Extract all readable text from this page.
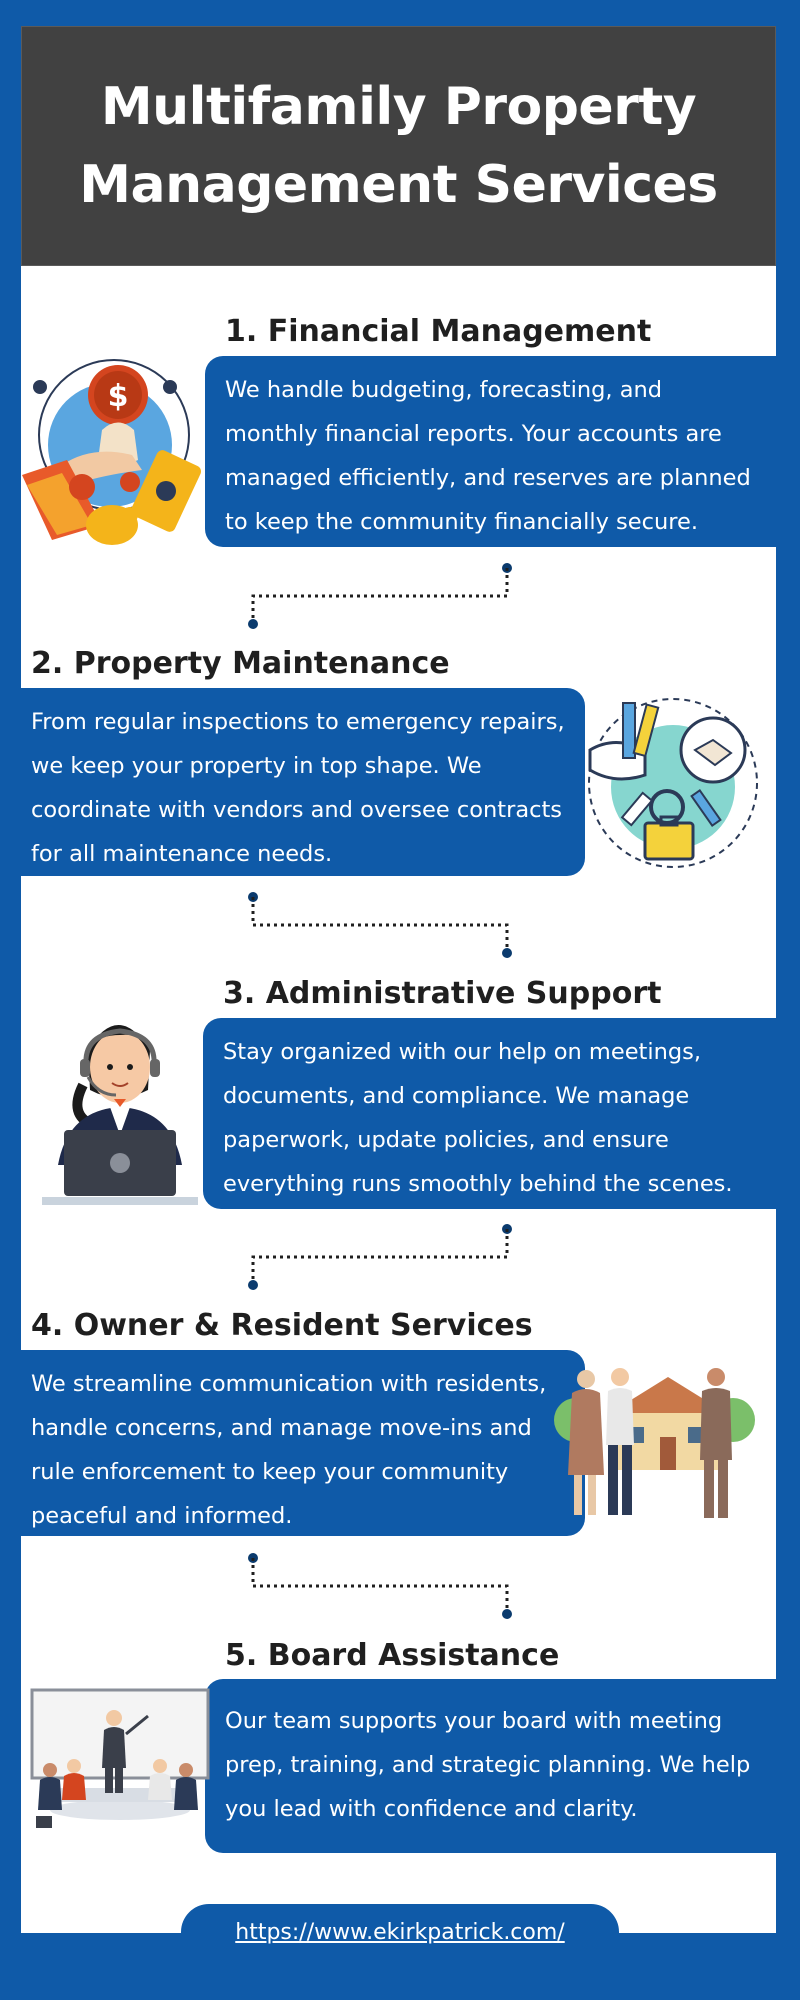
Multifamily Property
Management Services
1. Financial Management
We handle budgeting, forecasting, and monthly financial reports. Your accounts are managed efficiently, and reserves are planned to keep the community financially secure.
$
2. Property Maintenance
From regular inspections to emergency repairs, we keep your property in top shape. We coordinate with vendors and oversee contracts for all maintenance needs.
3. Administrative Support
Stay organized with our help on meetings, documents, and compliance. We manage paperwork, update policies, and ensure everything runs smoothly behind the scenes.
4. Owner & Resident Services
We streamline communication with residents, handle concerns, and manage move-ins and rule enforcement to keep your community peaceful and informed.
5. Board Assistance
Our team supports your board with meeting prep, training, and strategic planning. We help you lead with confidence and clarity.
https://www.ekirkpatrick.com/
